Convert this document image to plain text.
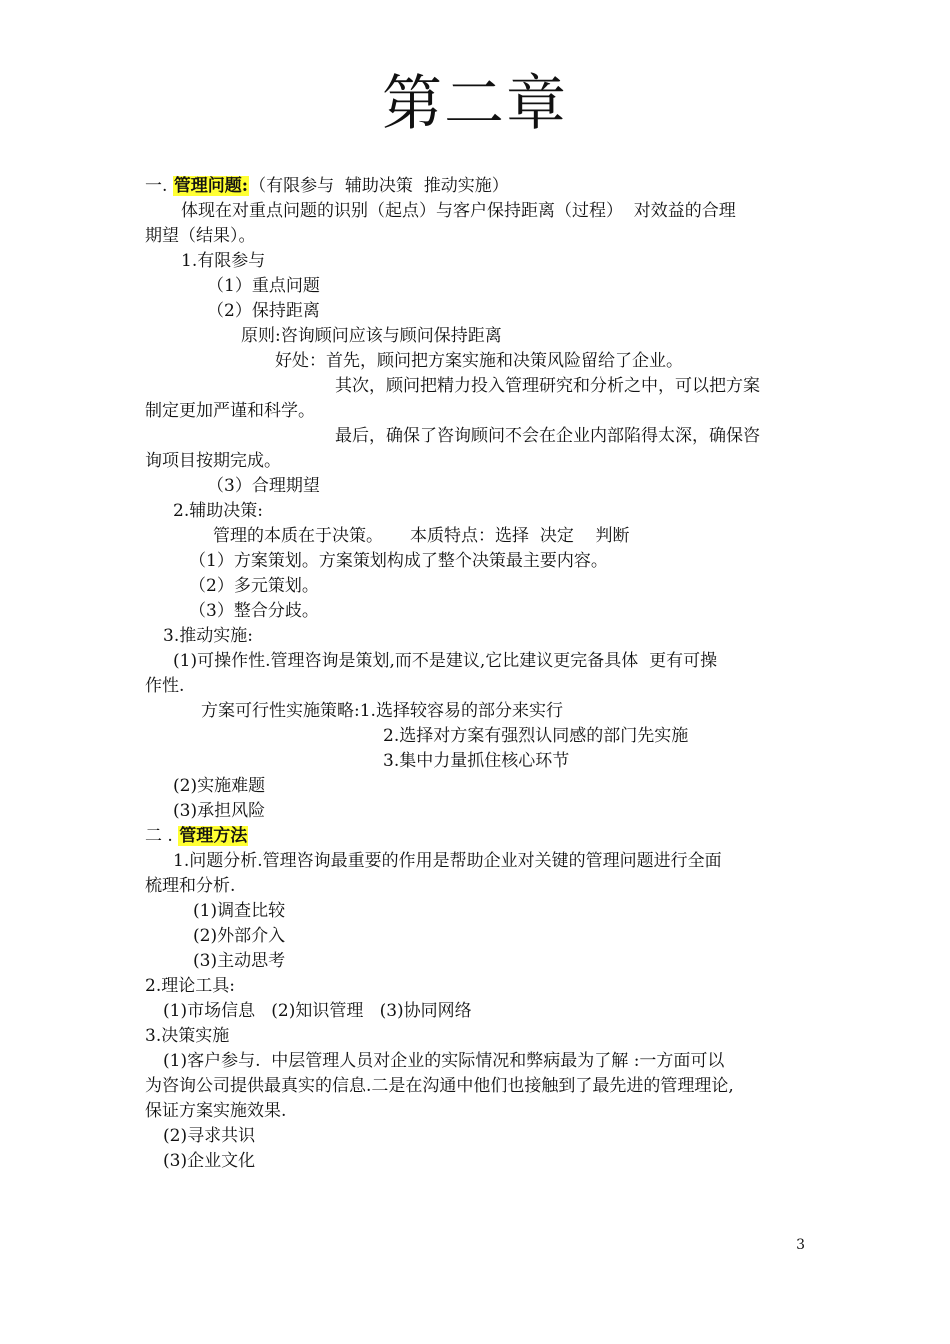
第二章
一. 管理问题:（有限参与  辅助决策  推动实施）
体现在对重点问题的识别（起点）与客户保持距离（过程）  对效益的合理
期望（结果）。
1.有限参与
（1）重点问题
（2）保持距离
原则:咨询顾问应该与顾问保持距离
好处：首先，顾问把方案实施和决策风险留给了企业。
其次，顾问把精力投入管理研究和分析之中，可以把方案
制定更加严谨和科学。
最后，确保了咨询顾问不会在企业内部陷得太深，确保咨
询项目按期完成。
（3）合理期望
2.辅助决策:
管理的本质在于决策。     本质特点：选择  决定    判断
（1）方案策划。方案策划构成了整个决策最主要内容。
（2）多元策划。
（3）整合分歧。
3.推动实施:
(1)可操作性.管理咨询是策划,而不是建议,它比建议更完备具体  更有可操
作性.
方案可行性实施策略:1.选择较容易的部分来实行
2.选择对方案有强烈认同感的部门先实施
3.集中力量抓住核心环节
(2)实施难题
(3)承担风险
二 . 管理方法
1.问题分析.管理咨询最重要的作用是帮助企业对关键的管理问题进行全面
梳理和分析.
(1)调查比较
(2)外部介入
(3)主动思考
2.理论工具:
(1)市场信息   (2)知识管理   (3)协同网络
3.决策实施
(1)客户参与.  中层管理人员对企业的实际情况和弊病最为了解 :一方面可以
为咨询公司提供最真实的信息.二是在沟通中他们也接触到了最先进的管理理论,
保证方案实施效果.
(2)寻求共识
(3)企业文化
3
